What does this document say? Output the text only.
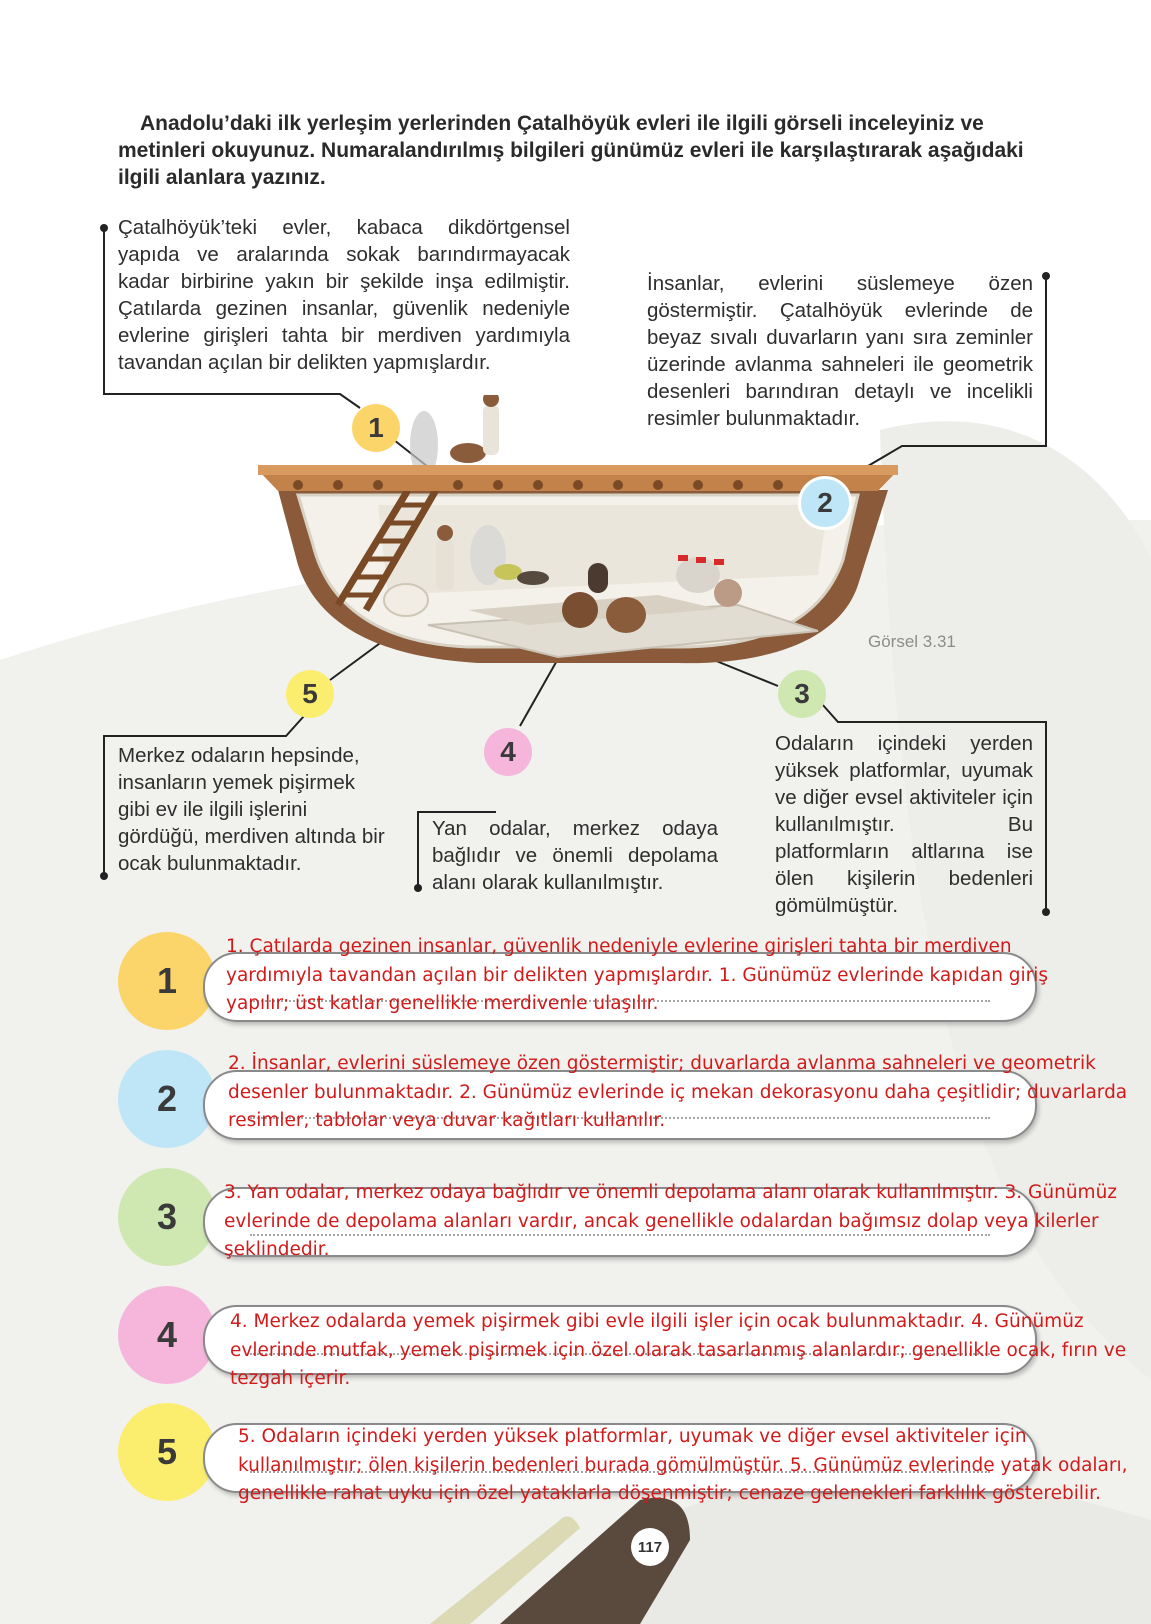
Anadolu’daki ilk yerleşim yerlerinden Çatalhöyük evleri ile ilgili görseli inceleyiniz ve metinleri okuyunuz. Numaralandırılmış bilgileri günümüz evleri ile karşılaştırarak aşağıdaki ilgili alanlara yazınız.

Görsel 3.31

Çatalhöyük’teki evler, kabaca dikdörtgensel yapıda ve aralarında sokak barındırmayacak kadar birbirine yakın bir şekilde inşa edilmiştir. Çatılarda gezinen insanlar, güvenlik nedeniyle evlerine girişleri tahta bir merdiven yardımıyla tavandan açılan bir delikten yapmışlardır.

İnsanlar, evlerini süslemeye özen göstermiştir. Çatalhöyük evlerinde de beyaz sıvalı duvarların yanı sıra zeminler üzerinde avlanma sahneleri ile geometrik desenleri barındıran detaylı ve incelikli resimler bulunmaktadır.

Odaların içindeki yerden yüksek platformlar, uyumak ve diğer evsel aktiviteler için kullanılmıştır. Bu platformların altlarına ise ölen kişilerin bedenleri gömülmüştür.

Yan odalar, merkez odaya bağlıdır ve önemli depolama alanı olarak kullanılmıştır.

Merkez odaların hepsinde, insanların yemek pişirmek gibi ev ile ilgili işlerini gördüğü, merdiven altında bir ocak bulunmaktadır.

1
2
3
4
5
1

1. Çatılarda gezinen insanlar, güvenlik nedeniyle evlerine girişleri tahta bir merdiven yardımıyla tavandan açılan bir delikten yapmışlardır. 1. Günümüz evlerinde kapıdan giriş yapılır; üst katlar genellikle merdivenle ulaşılır.

2

2. İnsanlar, evlerini süslemeye özen göstermiştir; duvarlarda avlanma sahneleri ve geometrik desenler bulunmaktadır. 2. Günümüz evlerinde iç mekan dekorasyonu daha çeşitlidir; duvarlarda resimler, tablolar veya duvar kağıtları kullanılır.

3

3. Yan odalar, merkez odaya bağlıdır ve önemli depolama alanı olarak kullanılmıştır. 3. Günümüz evlerinde de depolama alanları vardır, ancak genellikle odalardan bağımsız dolap veya kilerler şeklindedir.

4	4. Merkez odalarda yemek pişirmek gibi evle ilgili işler için ocak bulunmaktadır. 4. Günümüz evlerinde mutfak, yemek pişirmek için özel olarak tasarlanmış alanlardır; genellikle ocak, fırın ve tezgah içerir.

5	5. Odaların içindeki yerden yüksek platformlar, uyumak ve diğer evsel aktiviteler için kullanılmıştır; ölen kişilerin bedenleri burada gömülmüştür. 5. Günümüz evlerinde yatak odaları, genellikle rahat uyku için özel yataklarla döşenmiştir; cenaze gelenekleri farklılık gösterebilir.

117
